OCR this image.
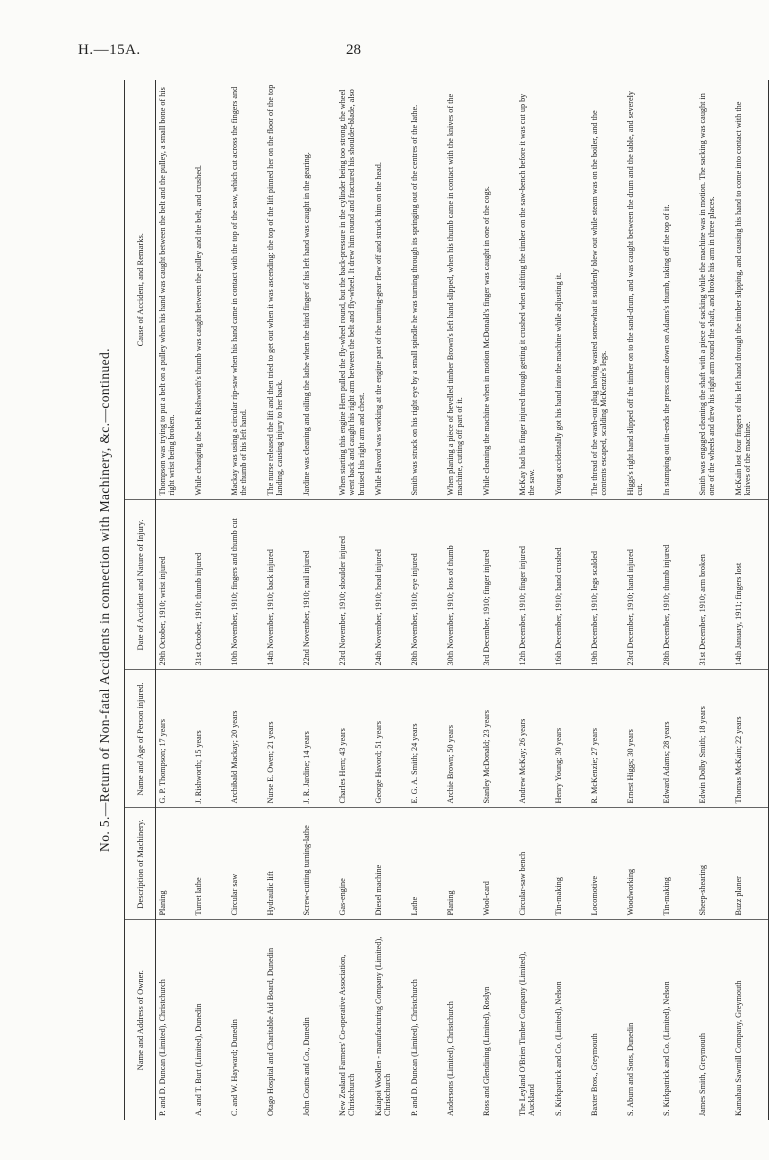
H.—15A.	28
No. 5.—Return of Non-fatal Accidents in connection with Machinery, &c.—continued.
Name and Address of Owner.	Description of Machinery.	Name and Age of Person injured.	Date of Accident and Nature of Injury.	Cause of Accident, and Remarks.
P. and D. Duncan (Limited), Christchurch	Planing	G. P. Thompson; 17 years	29th October, 1910; wrist injured	Thompson was trying to put a belt on a pulley when his hand was caught between the belt and the pulley, a small bone of his right wrist being broken.
A. and T. Burt (Limited), Dunedin	Turret lathe	J. Rishworth; 15 years	31st October, 1910; thumb injured	While changing the belt Rishworth's thumb was caught between the pulley and the belt, and crushed.
C. and W. Hayward; Dunedin	Circular saw	Archibald Mackay; 20 years	10th November, 1910; fingers and thumb cut	Mackay was using a circular rip-saw when his hand came in contact with the top of the saw, which cut across the fingers and the thumb of his left hand.
Otago Hospital and Charitable Aid Board, Dunedin	Hydraulic lift	Nurse E. Owen; 21 years	14th November, 1910; back injured	The nurse released the lift and then tried to get out when it was ascending: the top of the lift pinned her on the floor of the top landing, causing injury to her back.
John Coutts and Co., Dunedin	Screw-cutting turning-lathe	J. R. Jardine; 14 years	22nd November, 1910; nail injured	Jardine was cleaning and oiling the lathe when the third finger of his left hand was caught in the gearing.
New Zealand Farmers' Co-operative Association, Christchurch	Gas-engine	Charles Hern; 43 years	23rd November, 1910; shoulder injured	When starting this engine Hern pulled the fly-wheel round, but the back-pressure in the cylinder being too strong, the wheel went back and caught his right arm between the belt and fly-wheel. It drew him round and fractured his shoulder-blade, also bruised his right arm and chest.
Kaiapoi Woollen - manufacturing Company (Limited), Christchurch	Diesel machine	George Havord; 51 years	24th November, 1910; head injured	While Havord was working at the engine part of the turning-gear flew off and struck him on the head.
P. and D. Duncan (Limited), Christchurch	Lathe	E. G. A. Smith; 24 years	28th November, 1910; eye injured	Smith was struck on his right eye by a small spindle he was turning through its springing out of the centres of the lathe.
Andersons (Limited), Christchurch	Planing	Archie Brown; 50 years	30th November, 1910; loss of thumb	When planing a piece of bevelled timber Brown's left hand slipped, when his thumb came in contact with the knives of the machine, cutting off part of it.
Ross and Glendining (Limited), Roslyn	Wool-card	Stanley McDonald; 23 years	3rd December, 1910; finger injured	While cleaning the machine when in motion McDonald's finger was caught in one of the cogs.
The Leyland O'Brien Timber Company (Limited), Auckland	Circular-saw bench	Andrew McKay; 26 years	12th December, 1910; finger injured	McKay had his finger injured through getting it crushed when shifting the timber on the saw-bench before it was cut up by the saw.
S. Kirkpatrick and Co. (Limited), Nelson	Tin-making	Henry Young; 30 years	16th December, 1910; hand crushed	Young accidentally got his hand into the machine while adjusting it.
Baxter Bros., Greymouth	Locomotive	R. McKenzie; 27 years	19th December, 1910; legs scalded	The thread of the wash-out plug having wasted somewhat it suddenly blew out while steam was on the boiler, and the contents escaped, scalding McKenzie's legs.
S. Aburn and Sons, Dunedin	Woodworking	Ernest Higgs; 30 years	23rd December, 1910; hand injured	Higgs's right hand slipped off the timber on to the sand-drum, and was caught between the drum and the table, and severely cut.
S. Kirkpatrick and Co. (Limited), Nelson	Tin-making	Edward Adams; 28 years	28th December, 1910; thumb injured	In stamping out tin-ends the press came down on Adams's thumb, taking off the top of it.
James Smith, Greymouth	Sheep-shearing	Edwin Dolby Smith; 18 years	31st December, 1910; arm broken	Smith was engaged cleaning the shaft with a piece of sacking while the machine was in motion. The sacking was caught in one of the wheels and drew his right arm round the shaft, and broke his arm in three places.
Kamahau Sawmill Company, Greymouth	Buzz planer	Thomas McKain; 22 years	14th January, 1911; fingers lost	McKain lost four fingers of his left hand through the timber slipping, and causing his hand to come into contact with the knives of the machine.
